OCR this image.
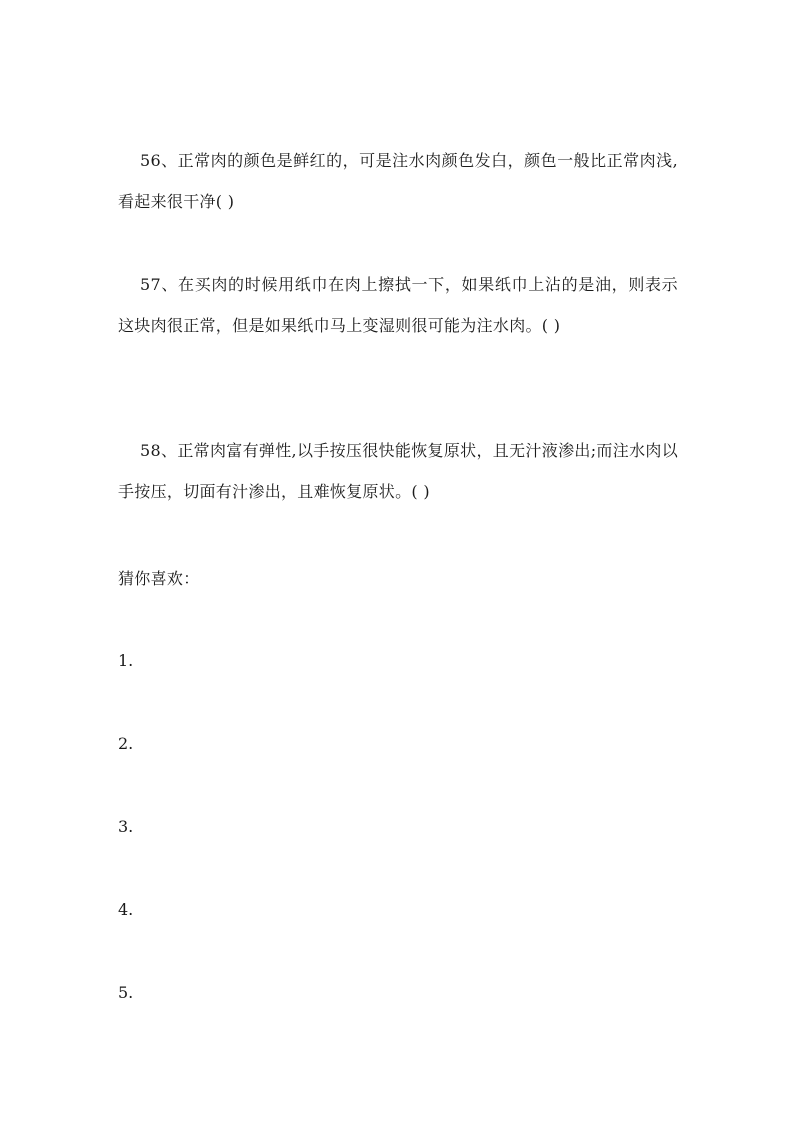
56、正常肉的颜色是鲜红的，可是注水肉颜色发白，颜色一般比正常肉浅,看起来很干净( )

57、在买肉的时候用纸巾在肉上擦拭一下，如果纸巾上沾的是油，则表示这块肉很正常，但是如果纸巾马上变湿则很可能为注水肉。( )

58、正常肉富有弹性,以手按压很快能恢复原状，且无汁液渗出;而注水肉以手按压，切面有汁渗出，且难恢复原状。( )

猜你喜欢：

1.

2.

3.

4.

5.
